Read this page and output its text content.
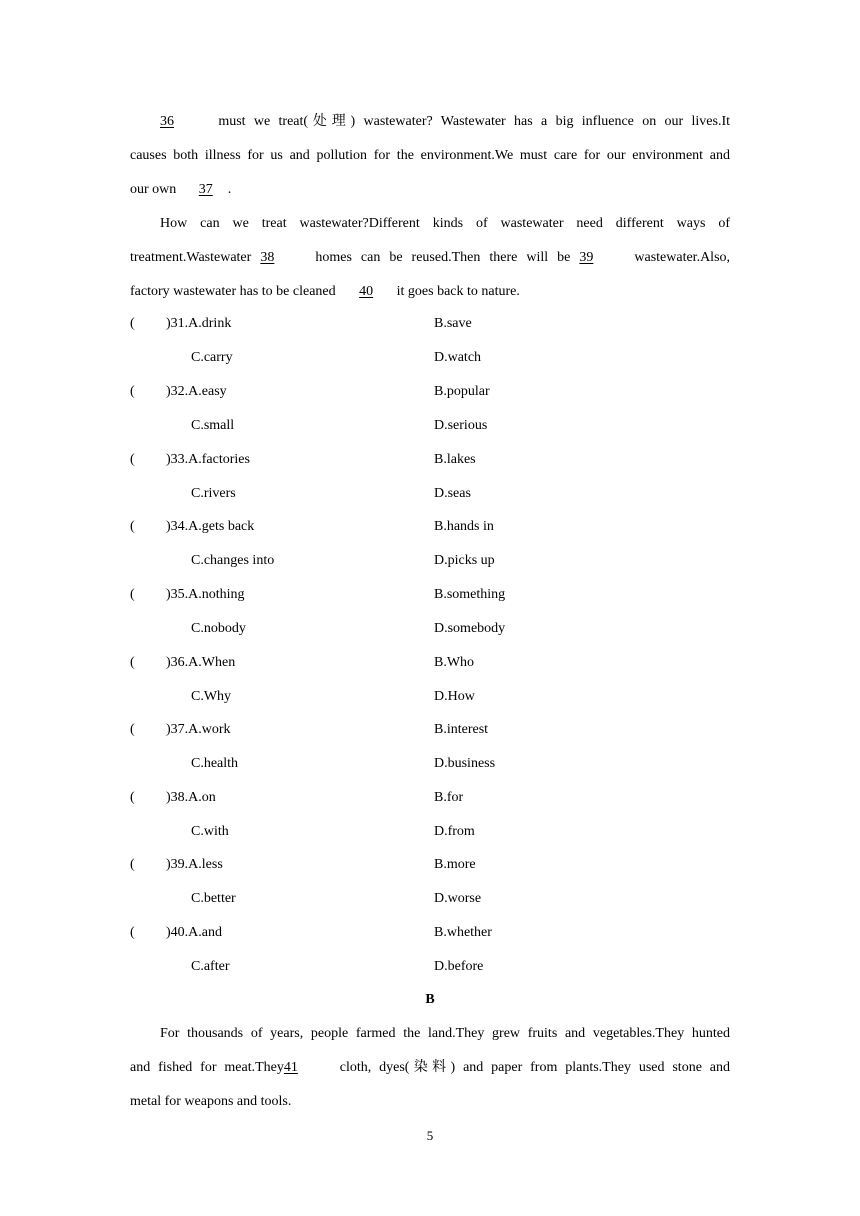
36	must we treat(处理) wastewater? Wastewater has a big influence on our lives.It
causes both illness for us and pollution for the environment.We must care for our environment and
our own 37 .
How can we treat wastewater?Different kinds of wastewater need different ways of
treatment.Wastewater 38	homes can be reused.Then there will be 39	wastewater.Also,
factory wastewater has to be cleaned 40 it goes back to nature.
( )31.A.drink	B.save
C.carry	D.watch
( )32.A.easy	B.popular
C.small	D.serious
( )33.A.factories	B.lakes
C.rivers	D.seas
( )34.A.gets back	B.hands in
C.changes into	D.picks up
( )35.A.nothing	B.something
C.nobody	D.somebody
( )36.A.When	B.Who
C.Why	D.How
( )37.A.work	B.interest
C.health	D.business
( )38.A.on	B.for
C.with	D.from
( )39.A.less	B.more
C.better	D.worse
( )40.A.and	B.whether
C.after	D.before
B
For thousands of years, people farmed the land.They grew fruits and vegetables.They hunted
and fished for meat.They41	cloth, dyes(染料) and paper from plants.They used stone and
metal for weapons and tools.
5
